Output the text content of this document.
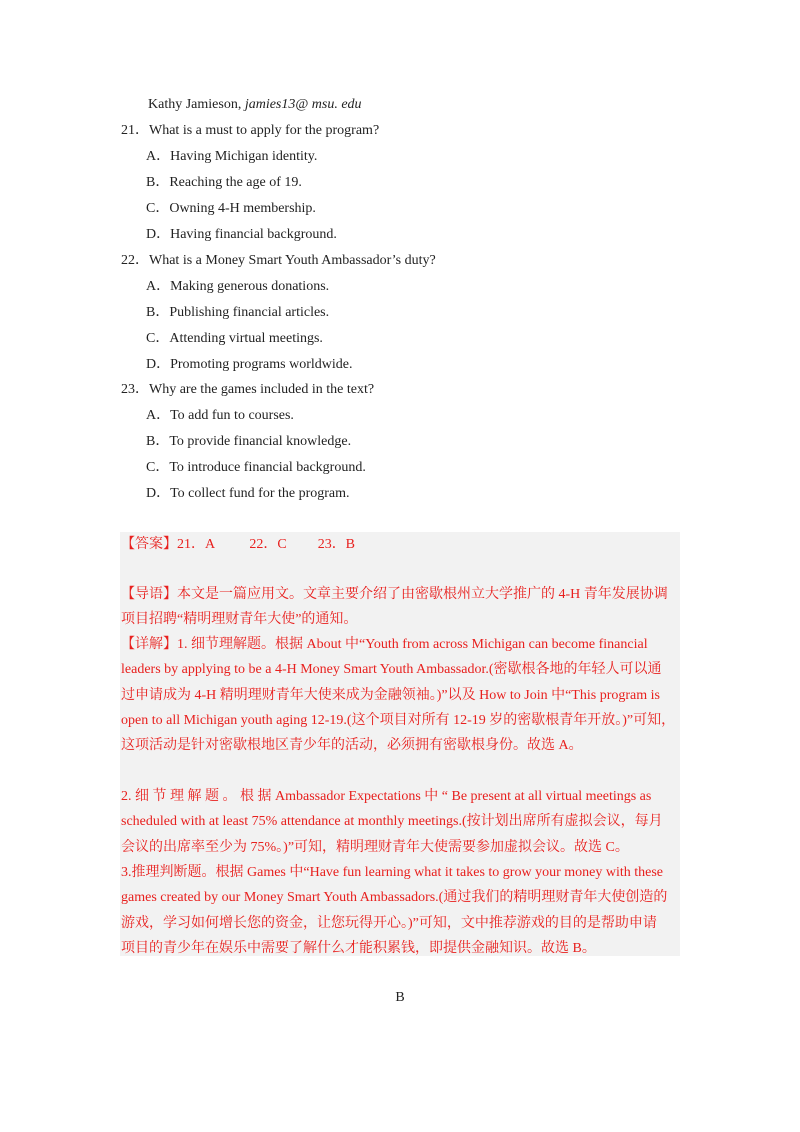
Kathy Jamieson, jamies13@ msu. edu
21．What is a must to apply for the program?
A．Having Michigan identity.
B．Reaching the age of 19.
C．Owning 4-H membership.
D．Having financial background.
22．What is a Money Smart Youth Ambassador’s duty?
A．Making generous donations.
B．Publishing financial articles.
C．Attending virtual meetings.
D．Promoting programs worldwide.
23．Why are the games included in the text?
A．To add fun to courses.
B．To provide financial knowledge.
C．To introduce financial background.
D．To collect fund for the program.
【答案】21．A	22．C 23．B
【导语】本文是一篇应用文。文章主要介绍了由密歇根州立大学推广的 4-H 青年发展协调
项目招聘“精明理财青年大使”的通知。
【详解】1. 细节理解题。根据 About 中“Youth from across Michigan can become financial
leaders by applying to be a 4-H Money Smart Youth Ambassador.(密歇根各地的年轻人可以通
过申请成为 4-H 精明理财青年大使来成为金融领袖。)”以及 How to Join 中“This program is
open to all Michigan youth aging 12-19.(这个项目对所有 12-19 岁的密歇根青年开放。)”可知，
这项活动是针对密歇根地区青少年的活动，必须拥有密歇根身份。故选 A。
2. 细 节 理 解 题 。 根 据 Ambassador Expectations 中 “ Be present at all virtual meetings as
scheduled with at least 75% attendance at monthly meetings.(按计划出席所有虚拟会议，每月
会议的出席率至少为 75%。)”可知，精明理财青年大使需要参加虚拟会议。故选 C。
3.推理判断题。根据 Games 中“Have fun learning what it takes to grow your money with these
games created by our Money Smart Youth Ambassadors.(通过我们的精明理财青年大使创造的
游戏，学习如何增长您的资金，让您玩得开心。)”可知，文中推荐游戏的目的是帮助申请
项目的青少年在娱乐中需要了解什么才能积累钱，即提供金融知识。故选 B。
B
